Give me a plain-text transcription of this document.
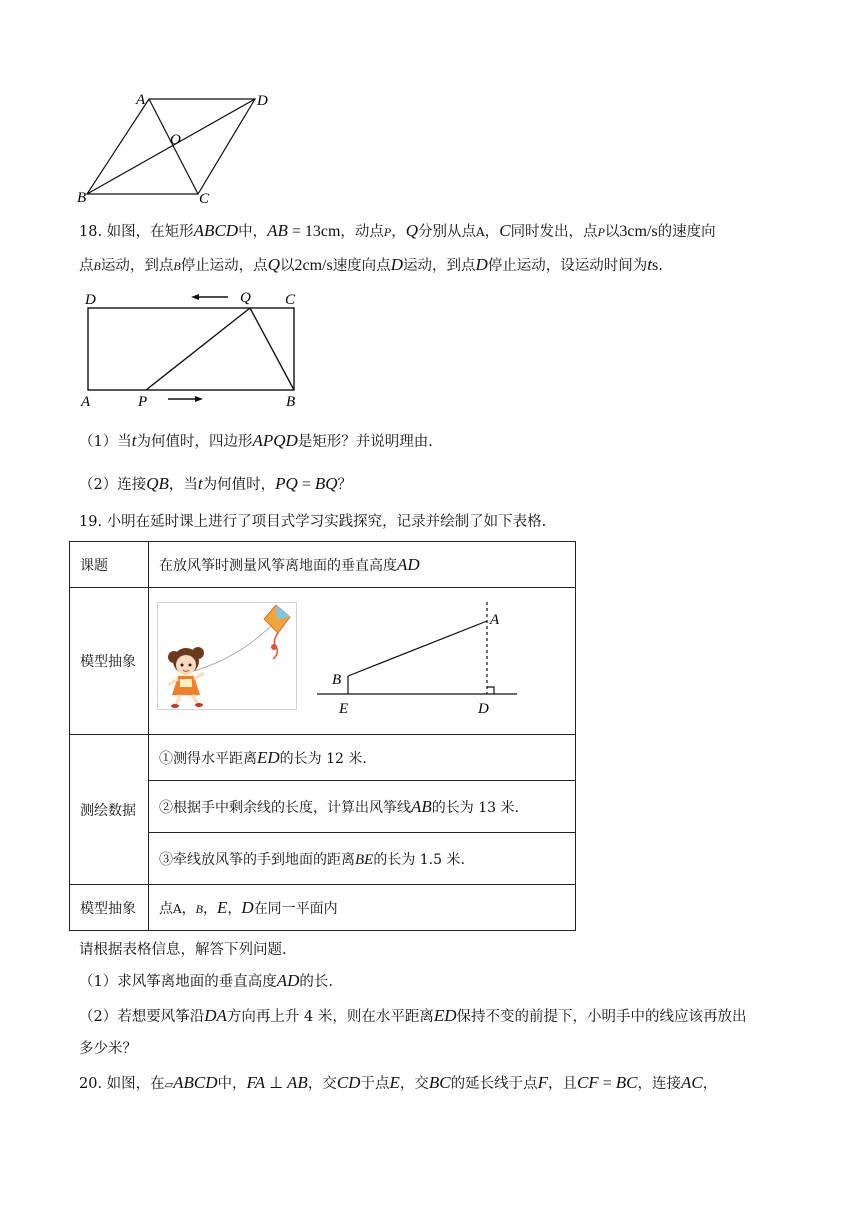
A	D
O
B	C
18. 如图，在矩形ABCD中，AB = 13cm，动点P，Q分别从点A，C同时发出，点P以3cm/s的速度向
点B运动，到点B停止运动，点Q以2cm/s速度向点D运动，到点D停止运动，设运动时间为ts.
D	Q C
A	P	B
（1）当t为何值时，四边形APQD是矩形？并说明理由.
（2）连接QB，当t为何值时，PQ = BQ？
19. 小明在延时课上进行了项目式学习实践探究，记录并绘制了如下表格.
课题	在放风筝时测量风筝离地面的垂直高度AD
模型抽象	
测绘数据	①测得水平距离ED的长为 12 米.
	②根据手中剩余线的长度，计算出风筝线AB的长为 13 米.
	③牵线放风筝的手到地面的距离BE的长为 1.5 米.
模型抽象	点A，B，E，D在同一平面内
A
B
E	D
请根据表格信息，解答下列问题.
（1）求风筝离地面的垂直高度AD的长.
（2）若想要风筝沿DA方向再上升 4 米，则在水平距离ED保持不变的前提下，小明手中的线应该再放出
多少米？
20. 如图，在▱ABCD中，FA ⊥ AB，交CD于点E，交BC的延长线于点F，且CF = BC，连接AC，
